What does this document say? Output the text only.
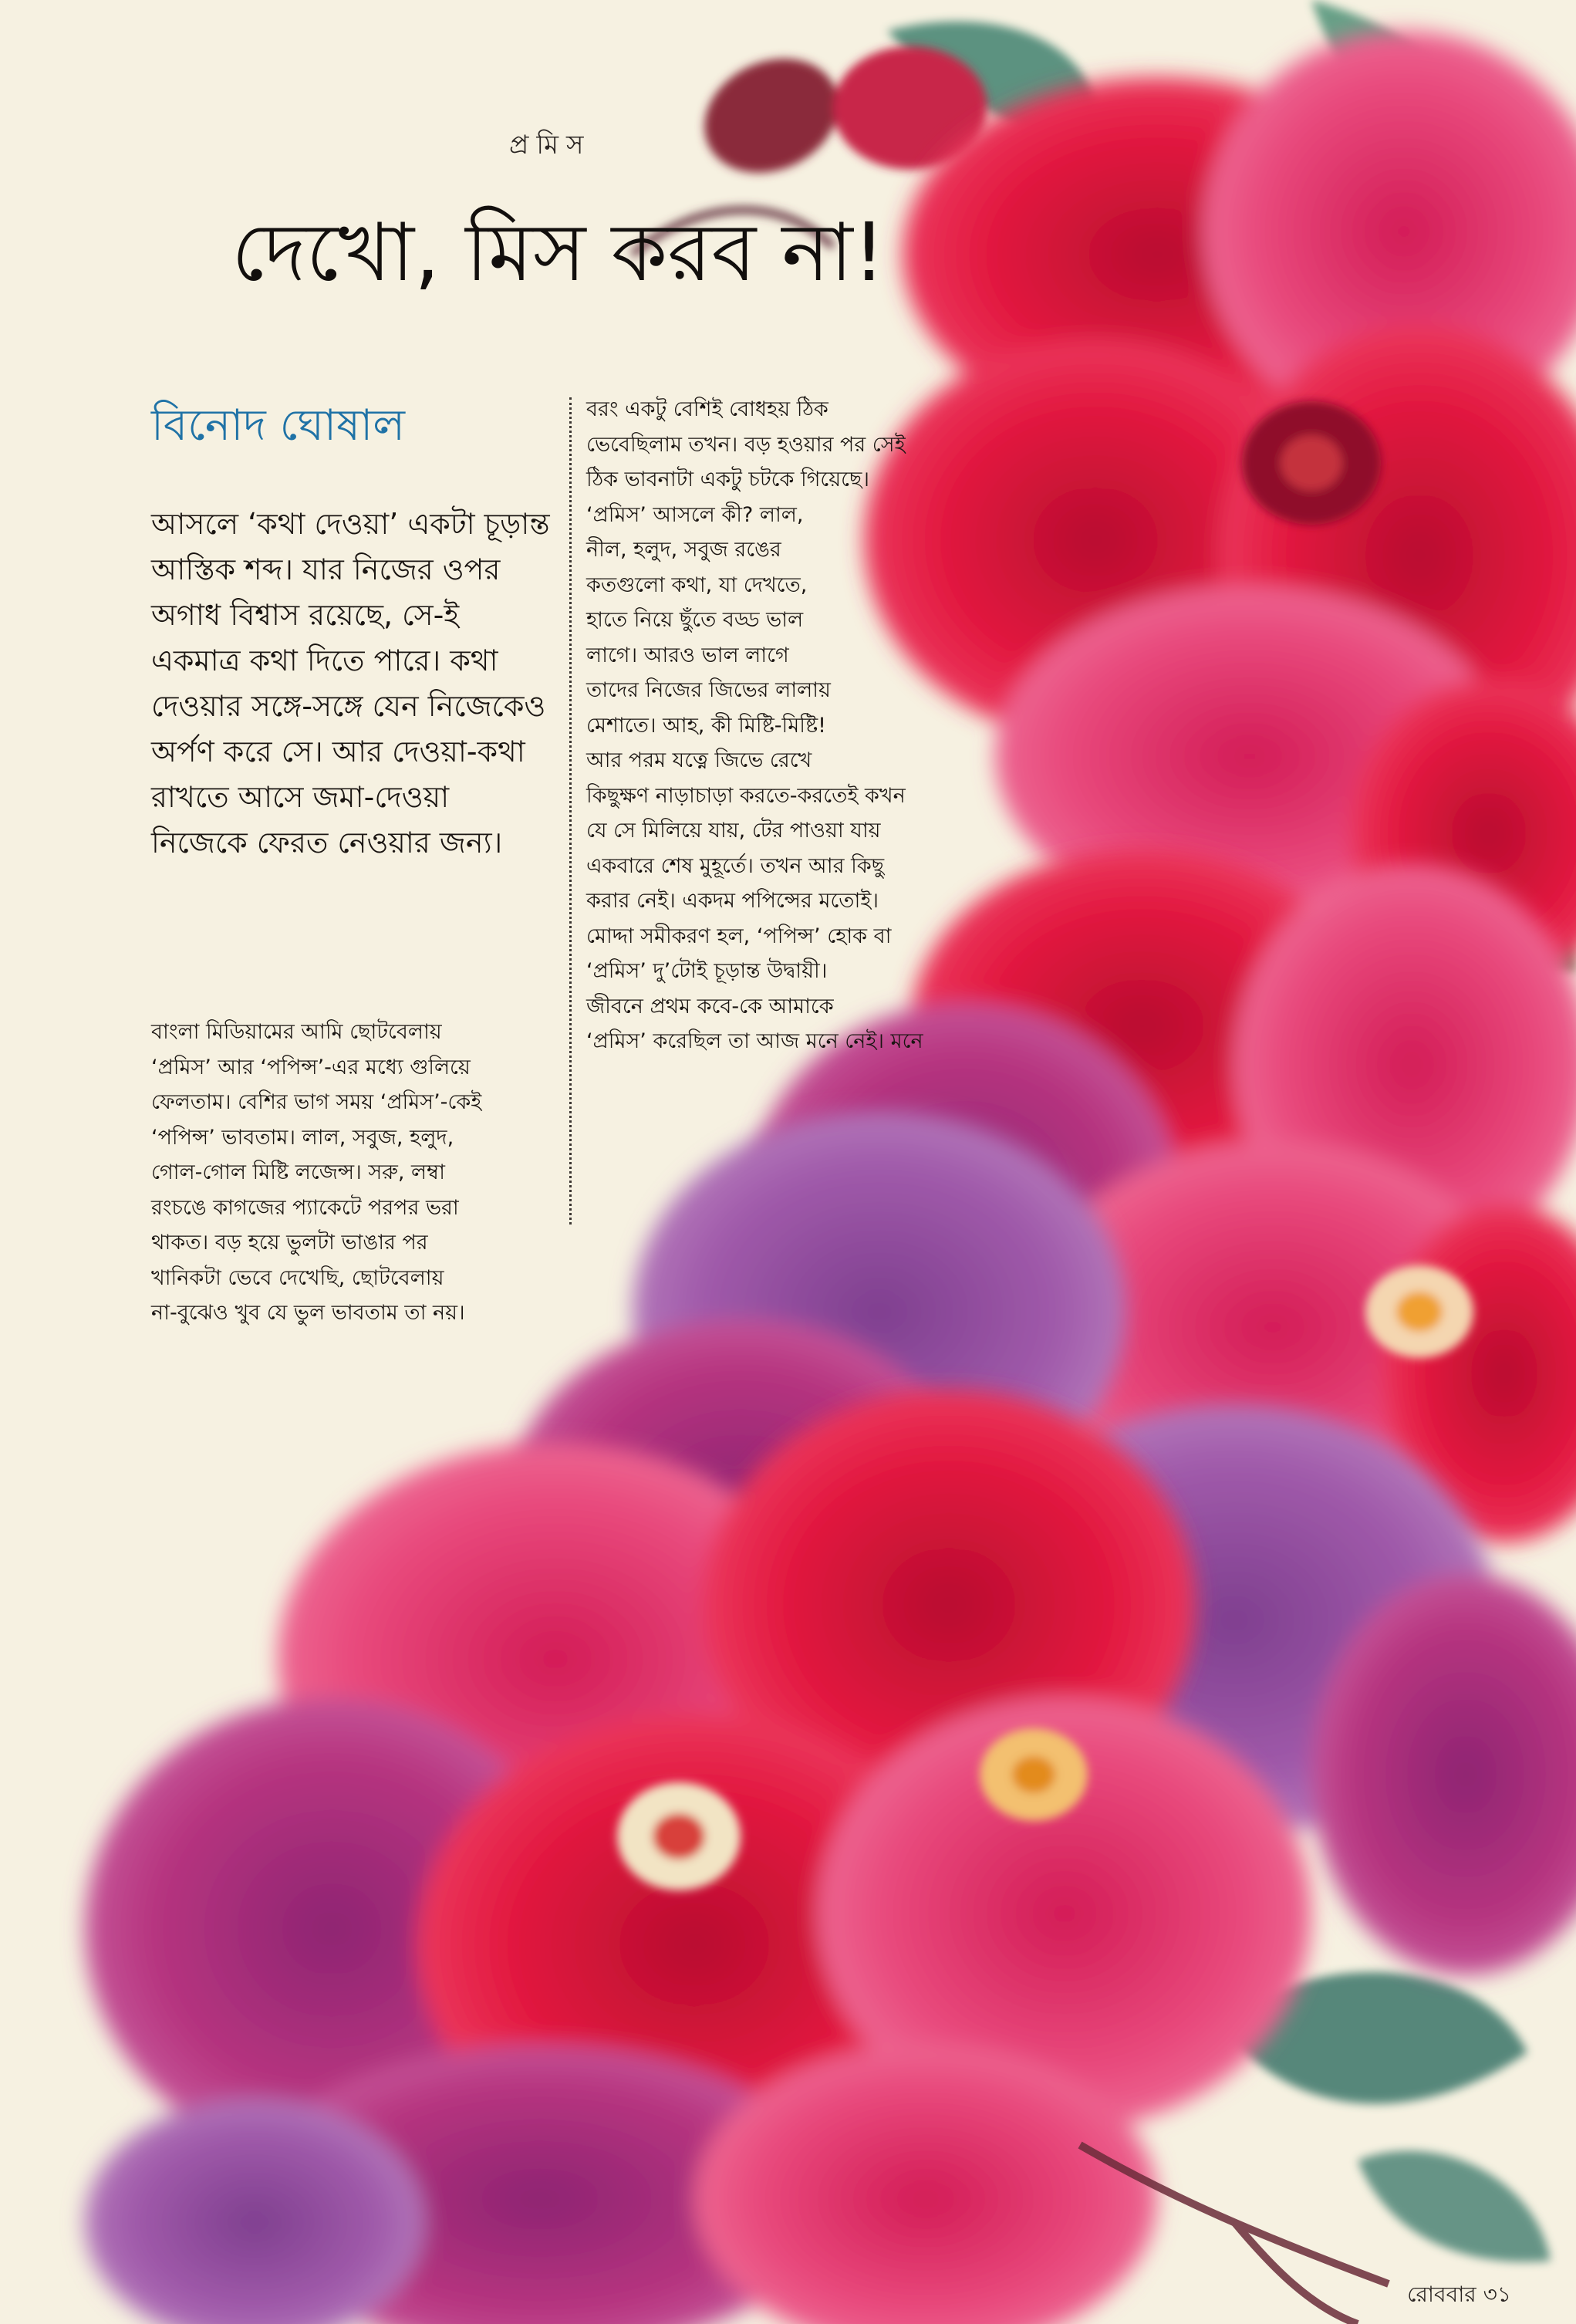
প্রমিস
দেখো, মিস করব না!
বিনোদ ঘোষাল

আসলে ‘কথা দেওয়া’ একটা চূড়ান্ত আস্তিক শব্দ। যার নিজের ওপর অগাধ বিশ্বাস রয়েছে, সে-ই একমাত্র কথা দিতে পারে। কথা দেওয়ার সঙ্গে-সঙ্গে যেন নিজেকেও অর্পণ করে সে। আর দেওয়া-কথা রাখতে আসে জমা-দেওয়া নিজেকে ফেরত নেওয়ার জন্য।

বাংলা মিডিয়ামের আমি ছোটবেলায়
‘প্রমিস’ আর ‘পপিন্স’-এর মধ্যে গুলিয়ে
ফেলতাম। বেশির ভাগ সময় ‘প্রমিস’-কেই
‘পপিন্স’ ভাবতাম। লাল, সবুজ, হলুদ,
গোল-গোল মিষ্টি লজেন্স। সরু, লম্বা
রংচঙে কাগজের প্যাকেটে পরপর ভরা
থাকত। বড় হয়ে ভুলটা ভাঙার পর
খানিকটা ভেবে দেখেছি, ছোটবেলায়
না-বুঝেও খুব যে ভুল ভাবতাম তা নয়।
বরং একটু বেশিই বোধহয় ঠিক
ভেবেছিলাম তখন। বড় হওয়ার পর সেই
ঠিক ভাবনাটা একটু চটকে গিয়েছে।
‘প্রমিস’ আসলে কী? লাল,
নীল, হলুদ, সবুজ রঙের
কতগুলো কথা, যা দেখতে,
হাতে নিয়ে ছুঁতে বড্ড ভাল
লাগে। আরও ভাল লাগে
তাদের নিজের জিভের লালায়
মেশাতে। আহ, কী মিষ্টি-মিষ্টি!
আর পরম যত্নে জিভে রেখে
কিছুক্ষণ নাড়াচাড়া করতে-করতেই কখন
যে সে মিলিয়ে যায়, টের পাওয়া যায়
একবারে শেষ মুহূর্তে। তখন আর কিছু
করার নেই। একদম পপিন্সের মতোই।
মোদ্দা সমীকরণ হল, ‘পপিন্স’ হোক বা
‘প্রমিস’ দু’টোই চূড়ান্ত উদ্বায়ী।
জীবনে প্রথম কবে-কে আমাকে
‘প্রমিস’ করেছিল তা আজ মনে নেই। মনে
রোববার ৩১
